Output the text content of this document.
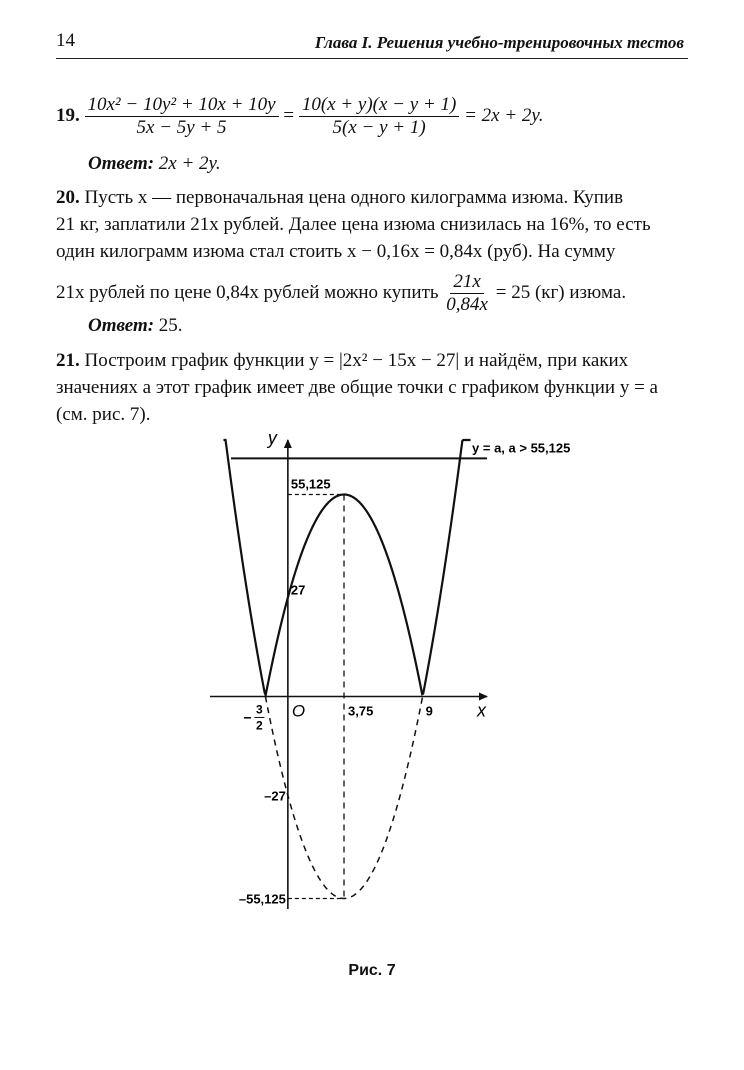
14	Глава I. Решения учебно-тренировочных тестов
19. $\frac{\text{10x² − 10y² + 10x + 10y}}{5x - 5y + 5} = \frac{10(x + y)(x - y + 1)}{5(x - y + 1)} = 2x + 2y$.
Ответ: 2x + 2y.
20. Пусть x — первоначальная цена одного килограмма изюма. Купив
21 кг, заплатили 21x рублей. Далее цена изюма снизилась на 16%, то есть
один килограмм изюма стал стоить x − 0,16x = 0,84x (руб). На сумму
21x рублей по цене 0,84x рублей можно купить $\frac{21x}{0,84x} = 25$ (кг) изюма.
Ответ: 25.
21. Построим график функции y = |2x² − 15x − 27| и найдём, при каких
значениях a этот график имеет две общие точки с графиком функции y = a
(см. рис. 7).
y
x
O
y = a, a > 55,125
55,125
27
–27
–55,125
3,75	9
− 3
2
Рис. 7
